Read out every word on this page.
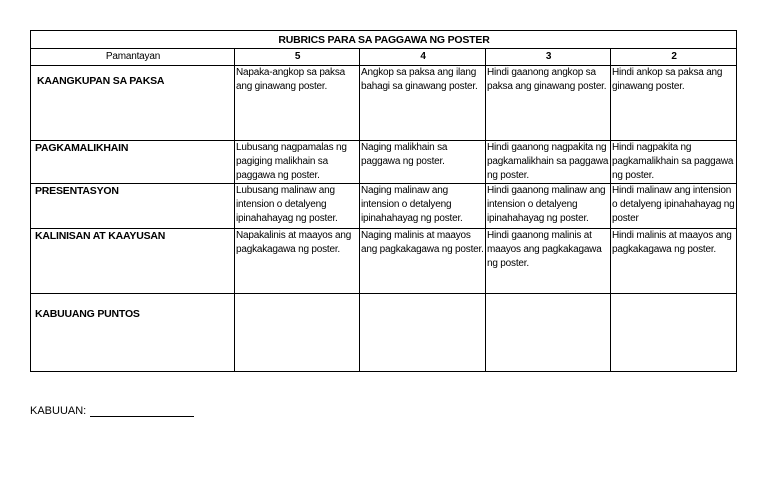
RUBRICS PARA SA PAGGAWA NG POSTER				
Pamantayan	5	4	3	2
KAANGKUPAN SA PAKSA	Napaka-angkop sa paksa ang ginawang poster.	Angkop sa paksa ang ilang bahagi sa ginawang poster.	Hindi gaanong angkop sa paksa ang ginawang poster.	Hindi ankop sa paksa ang ginawang poster.
PAGKAMALIKHAIN	Lubusang nagpamalas ng pagiging malikhain sa paggawa ng poster.	Naging malikhain sa paggawa ng poster.	Hindi gaanong nagpakita ng pagkamalikhain sa paggawa ng poster.	Hindi nagpakita ng pagkamalikhain sa paggawa ng poster.
PRESENTASYON	Lubusang malinaw ang intension o detalyeng ipinahahayag ng poster.	Naging malinaw ang intension o detalyeng ipinahahayag ng poster.	Hindi gaanong malinaw ang intension o detalyeng ipinahahayag ng poster.	Hindi malinaw ang intension o detalyeng ipinahahayag ng poster
KALINISAN AT KAAYUSAN	Napakalinis at maayos ang pagkakagawa ng poster.	Naging malinis at maayos ang pagkakagawa ng poster.	Hindi gaanong malinis at maayos ang pagkakagawa ng poster.	Hindi malinis at maayos ang pagkakagawa ng poster.
KABUUANG PUNTOS				
KABUUAN:
